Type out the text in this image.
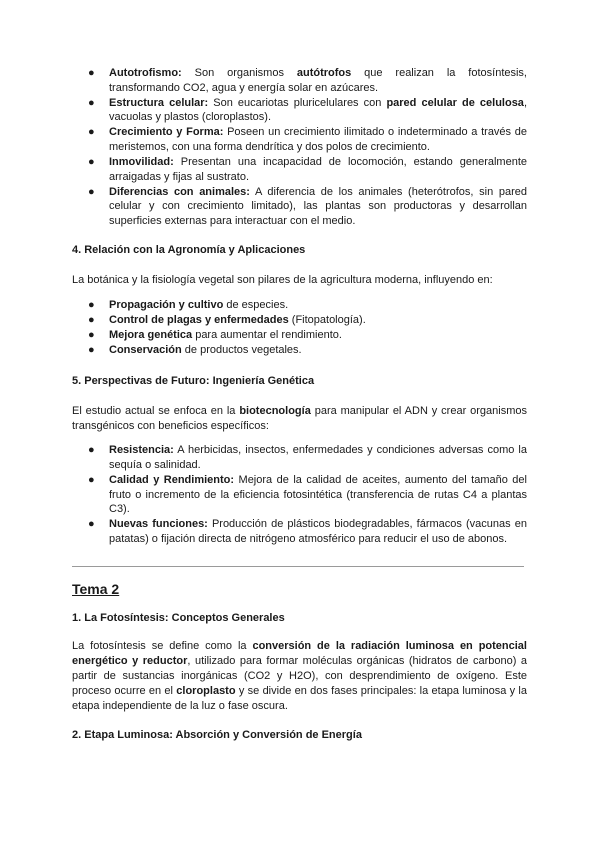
● Autotrofismo: Son organismos autótrofos que realizan la fotosíntesis, transformando CO2, agua y energía solar en azúcares.
● Estructura celular: Son eucariotas pluricelulares con pared celular de celulosa, vacuolas y plastos (cloroplastos).
● Crecimiento y Forma: Poseen un crecimiento ilimitado o indeterminado a través de meristemos, con una forma dendrítica y dos polos de crecimiento.
● Inmovilidad: Presentan una incapacidad de locomoción, estando generalmente arraigadas y fijas al sustrato.
● Diferencias con animales: A diferencia de los animales (heterótrofos, sin pared celular y con crecimiento limitado), las plantas son productoras y desarrollan superficies externas para interactuar con el medio.
4. Relación con la Agronomía y Aplicaciones

La botánica y la fisiología vegetal son pilares de la agricultura moderna, influyendo en:

● Propagación y cultivo de especies.
● Control de plagas y enfermedades (Fitopatología).
● Mejora genética para aumentar el rendimiento.
● Conservación de productos vegetales.
5. Perspectivas de Futuro: Ingeniería Genética

El estudio actual se enfoca en la biotecnología para manipular el ADN y crear organismos transgénicos con beneficios específicos:

● Resistencia: A herbicidas, insectos, enfermedades y condiciones adversas como la sequía o salinidad.
● Calidad y Rendimiento: Mejora de la calidad de aceites, aumento del tamaño del fruto o incremento de la eficiencia fotosintética (transferencia de rutas C4 a plantas C3).
● Nuevas funciones: Producción de plásticos biodegradables, fármacos (vacunas en patatas) o fijación directa de nitrógeno atmosférico para reducir el uso de abonos.
Tema 2
1. La Fotosíntesis: Conceptos Generales

La fotosíntesis se define como la conversión de la radiación luminosa en potencial energético y reductor, utilizado para formar moléculas orgánicas (hidratos de carbono) a partir de sustancias inorgánicas (CO2 y H2O), con desprendimiento de oxígeno. Este proceso ocurre en el cloroplasto y se divide en dos fases principales: la etapa luminosa y la etapa independiente de la luz o fase oscura.

2. Etapa Luminosa: Absorción y Conversión de Energía
